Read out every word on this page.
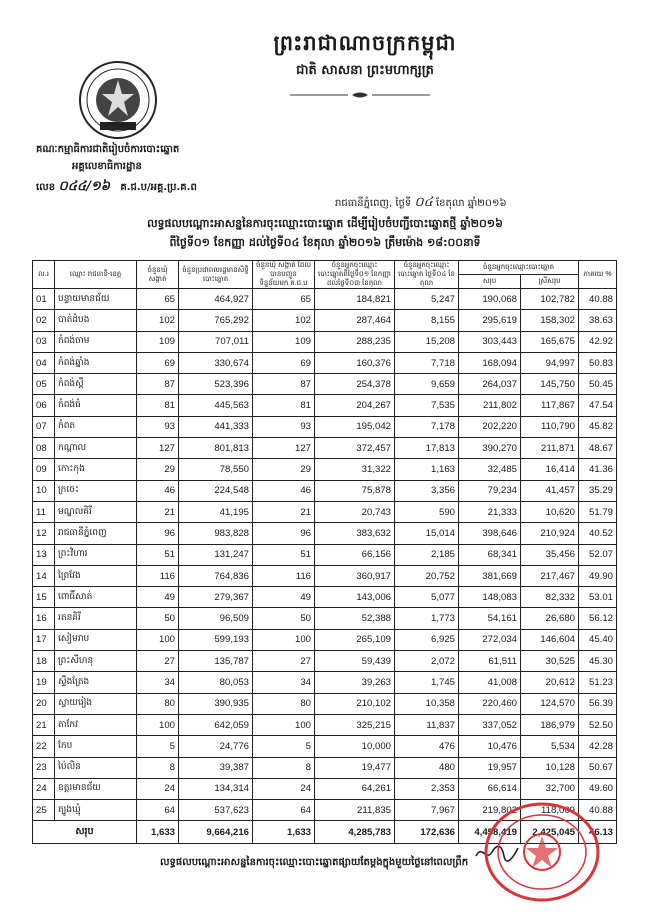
ព្រះរាជាណាចក្រកម្ពុជា
ជាតិ សាសនា ព្រះមហាក្សត្រ
គណៈកម្មាធិការជាតិរៀបចំការបោះឆ្នោត
អគ្គលេខាធិការដ្ឋាន
លេខ ០៤៤/១៦ គ.ជ.ប/អគ្គ.ប្រ.គ.ព
រាជធានីភ្នំពេញ, ថ្ងៃទី ០៤ ខែតុលា ឆ្នាំ២០១៦
លទ្ធផលបណ្ដោះអាសន្ននៃការចុះឈ្មោះបោះឆ្នោត ដើម្បីរៀបចំបញ្ជីបោះឆ្នោតថ្មី ឆ្នាំ២០១៦
ពីថ្ងៃទី០១ ខែកញ្ញា ដល់ថ្ងៃទី០៤ ខែតុលា ឆ្នាំ២០១៦ ត្រឹមម៉ោង ១៨:០០នាទី
ល.រ	ឈ្មោះ រាជធានី-ខេត្ត	ចំនួនឃុំ សង្កាត់	ចំនួនប្រជាពលរដ្ឋមានសិទ្ធិបោះឆ្នោត	ចំនួនឃុំ សង្កាត់ ដែលបានបញ្ជូនទិន្នន័យមក គ.ជ.ប	ចំនួនអ្នកចុះឈ្មោះបោះឆ្នោតពីថ្ងៃទី០១ ខែកញ្ញា ដល់ថ្ងៃទី០៣ ខែតុលា	ចំនួនអ្នកចុះឈ្មោះបោះឆ្នោត ថ្ងៃទី០៤ ខែតុលា	ចំនួនអ្នកចុះឈ្មោះបោះឆ្នោត		ភាគរយ %
							សរុប	ស្រីសរុប	
01	បន្ទាយមានជ័យ	65	464,927	65	184,821	5,247	190,068	102,782	40.88
02	បាត់ដំបង	102	765,292	102	287,464	8,155	295,619	158,302	38.63
03	កំពង់ចាម	109	707,011	109	288,235	15,208	303,443	165,675	42.92
04	កំពង់ឆ្នាំង	69	330,674	69	160,376	7,718	168,094	94,997	50.83
05	កំពង់ស្ពឺ	87	523,396	87	254,378	9,659	264,037	145,750	50.45
06	កំពង់ធំ	81	445,563	81	204,267	7,535	211,802	117,867	47.54
07	កំពត	93	441,333	93	195,042	7,178	202,220	110,790	45.82
08	កណ្ដាល	127	801,813	127	372,457	17,813	390,270	211,871	48.67
09	កោះកុង	29	78,550	29	31,322	1,163	32,485	16,414	41.36
10	ក្រចេះ	46	224,548	46	75,878	3,356	79,234	41,457	35.29
11	មណ្ឌលគិរី	21	41,195	21	20,743	590	21,333	10,620	51.79
12	រាជធានីភ្នំពេញ	96	983,828	96	383,632	15,014	398,646	210,924	40.52
13	ព្រះវិហារ	51	131,247	51	66,156	2,185	68,341	35,456	52.07
14	ព្រៃវែង	116	764,836	116	360,917	20,752	381,669	217,467	49.90
15	ពោធិ៍សាត់	49	279,367	49	143,006	5,077	148,083	82,332	53.01
16	រតនគិរី	50	96,509	50	52,388	1,773	54,161	26,680	56.12
17	សៀមរាប	100	599,193	100	265,109	6,925	272,034	146,604	45.40
18	ព្រះសីហនុ	27	135,787	27	59,439	2,072	61,511	30,525	45.30
19	ស្ទឹងត្រែង	34	80,053	34	39,263	1,745	41,008	20,612	51.23
20	ស្វាយរៀង	80	390,935	80	210,102	10,358	220,460	124,570	56.39
21	តាកែវ	100	642,059	100	325,215	11,837	337,052	186,979	52.50
22	កែប	5	24,776	5	10,000	476	10,476	5,534	42.28
23	ប៉ៃលិន	8	39,387	8	19,477	480	19,957	10,128	50.67
24	ឧត្ដរមានជ័យ	24	134,314	24	64,261	2,353	66,614	32,700	49.60
25	ត្បូងឃ្មុំ	64	537,623	64	211,835	7,967	219,802	118,009	40.88
សរុប		1,633	9,664,216	1,633	4,285,783	172,636	4,458,419	2,425,045	46.13
លទ្ធផលបណ្ដោះអាសន្ននៃការចុះឈ្មោះបោះឆ្នោតផ្សាយតែម្ដងក្នុងមួយថ្ងៃនៅពេលព្រឹក
